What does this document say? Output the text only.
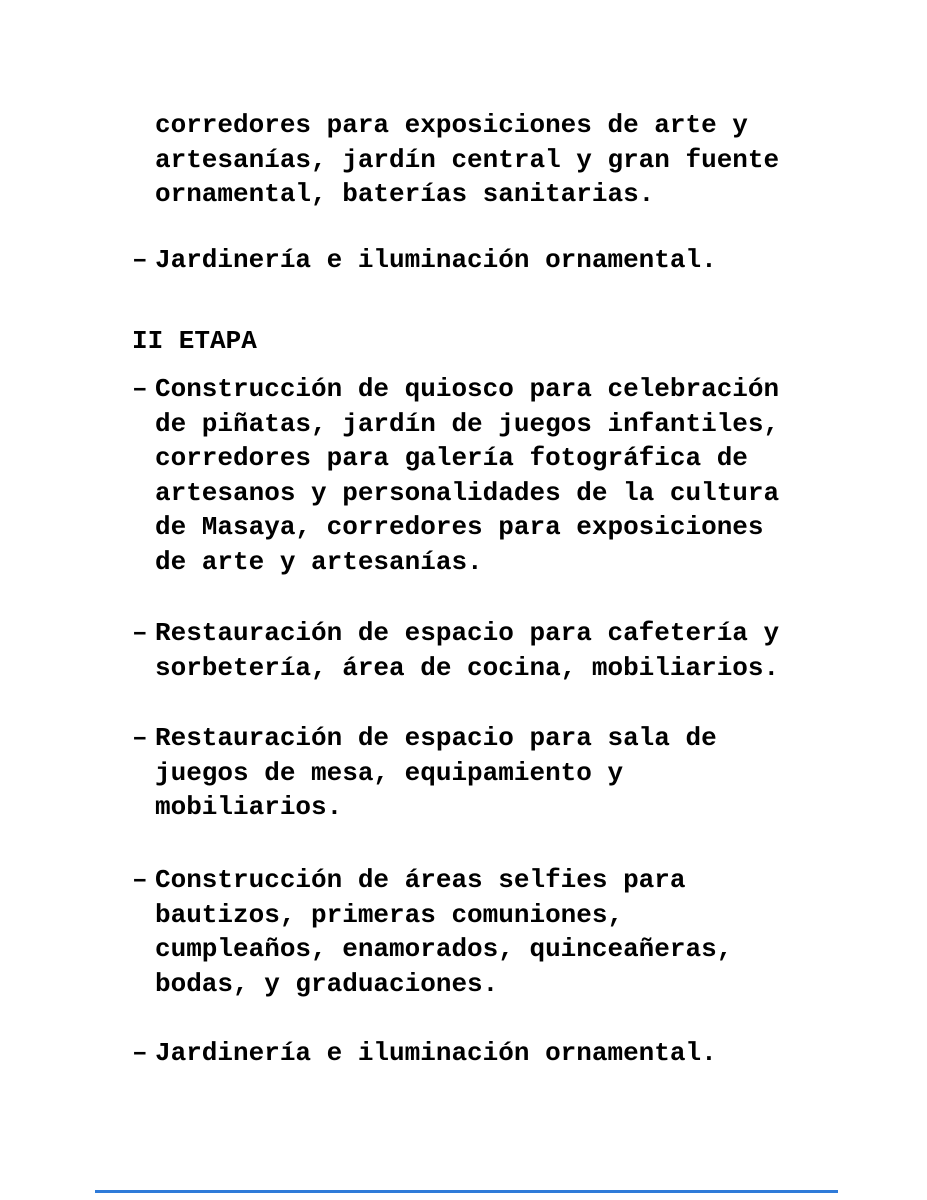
corredores para exposiciones de arte y
artesanías, jardín central y gran fuente
ornamental, baterías sanitarias.
– Jardinería e iluminación ornamental.
II ETAPA
– Construcción de quiosco para celebración
de piñatas, jardín de juegos infantiles,
corredores para galería fotográfica de
artesanos y personalidades de la cultura
de Masaya, corredores para exposiciones
de arte y artesanías.
– Restauración de espacio para cafetería y
sorbetería, área de cocina, mobiliarios.
– Restauración de espacio para sala de
juegos de mesa, equipamiento y
mobiliarios.
– Construcción de áreas selfies para
bautizos, primeras comuniones,
cumpleaños, enamorados, quinceañeras,
bodas, y graduaciones.
– Jardinería e iluminación ornamental.
